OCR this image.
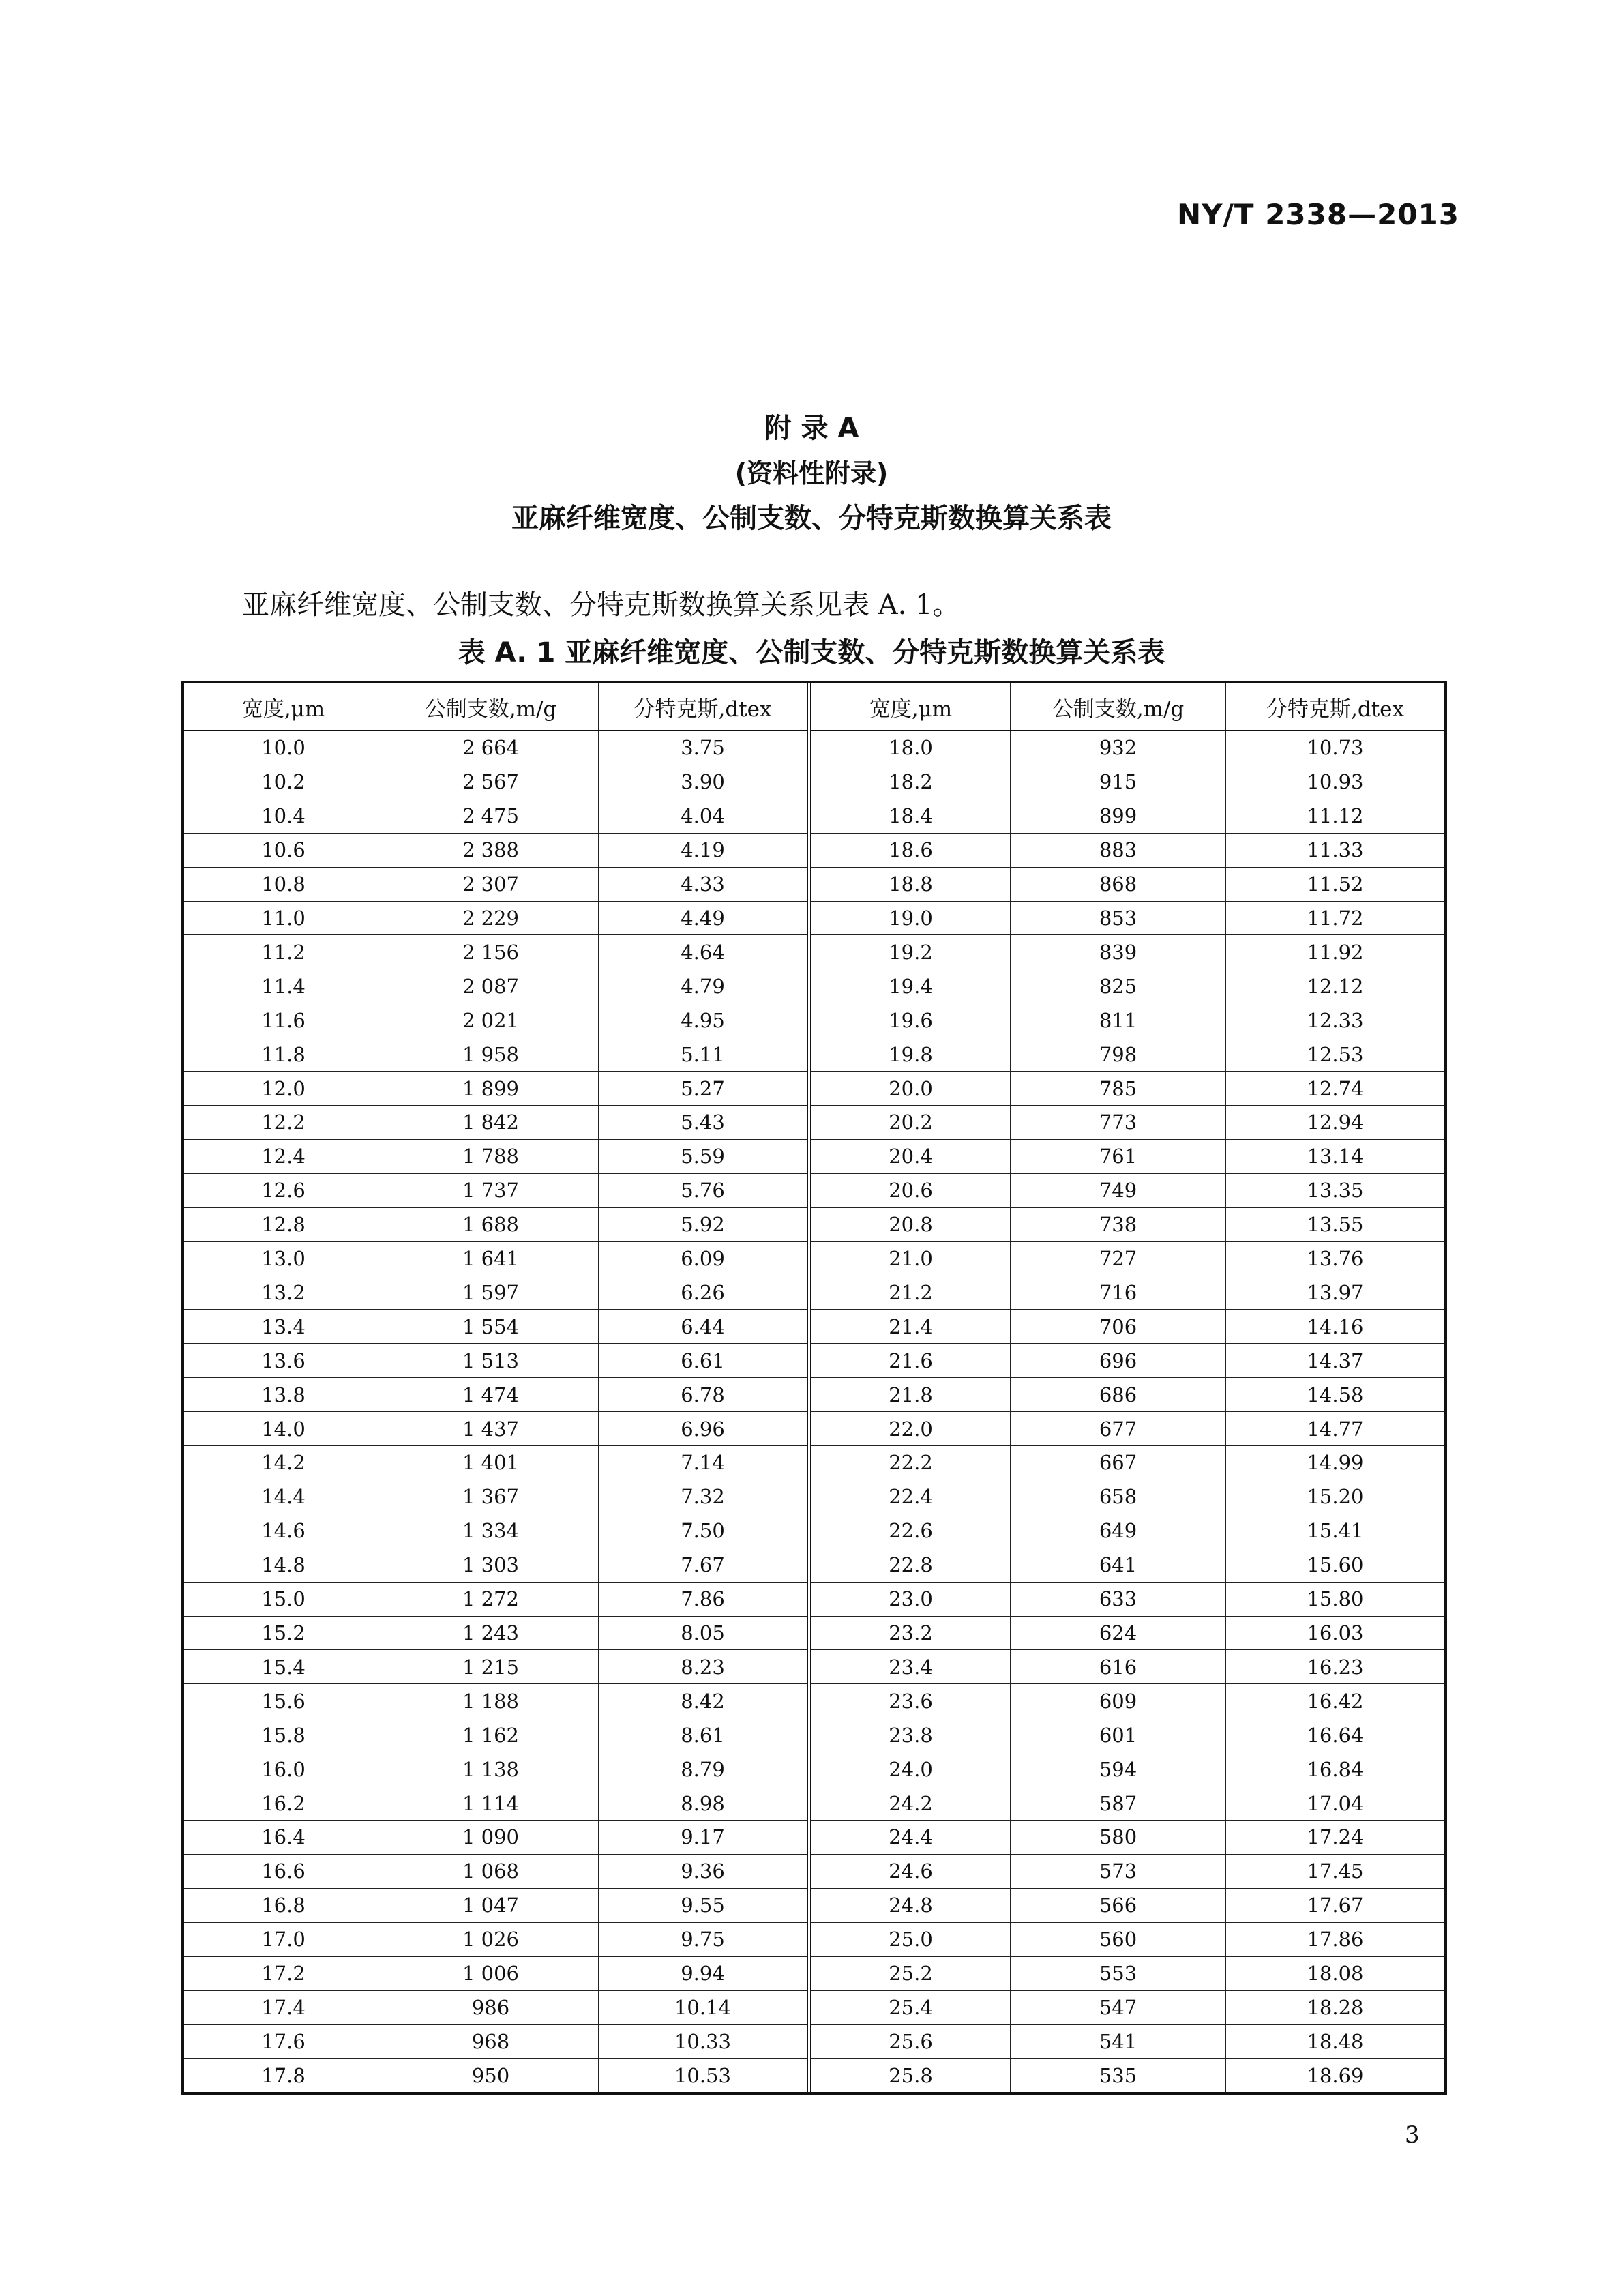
NY/T 2338—2013
附 录 A
(资料性附录)
亚麻纤维宽度、公制支数、分特克斯数换算关系表
亚麻纤维宽度、公制支数、分特克斯数换算关系见表 A. 1。
表 A. 1 亚麻纤维宽度、公制支数、分特克斯数换算关系表
宽度,μm	公制支数,m/g	分特克斯,dtex
10.0	2 664	3.75
10.2	2 567	3.90
10.4	2 475	4.04
10.6	2 388	4.19
10.8	2 307	4.33
11.0	2 229	4.49
11.2	2 156	4.64
11.4	2 087	4.79
11.6	2 021	4.95
11.8	1 958	5.11
12.0	1 899	5.27
12.2	1 842	5.43
12.4	1 788	5.59
12.6	1 737	5.76
12.8	1 688	5.92
13.0	1 641	6.09
13.2	1 597	6.26
13.4	1 554	6.44
13.6	1 513	6.61
13.8	1 474	6.78
14.0	1 437	6.96
14.2	1 401	7.14
14.4	1 367	7.32
14.6	1 334	7.50
14.8	1 303	7.67
15.0	1 272	7.86
15.2	1 243	8.05
15.4	1 215	8.23
15.6	1 188	8.42
15.8	1 162	8.61
16.0	1 138	8.79
16.2	1 114	8.98
16.4	1 090	9.17
16.6	1 068	9.36
16.8	1 047	9.55
17.0	1 026	9.75
17.2	1 006	9.94
17.4	986	10.14
17.6	968	10.33
17.8	950	10.53
宽度,μm	公制支数,m/g	分特克斯,dtex
18.0	932	10.73
18.2	915	10.93
18.4	899	11.12
18.6	883	11.33
18.8	868	11.52
19.0	853	11.72
19.2	839	11.92
19.4	825	12.12
19.6	811	12.33
19.8	798	12.53
20.0	785	12.74
20.2	773	12.94
20.4	761	13.14
20.6	749	13.35
20.8	738	13.55
21.0	727	13.76
21.2	716	13.97
21.4	706	14.16
21.6	696	14.37
21.8	686	14.58
22.0	677	14.77
22.2	667	14.99
22.4	658	15.20
22.6	649	15.41
22.8	641	15.60
23.0	633	15.80
23.2	624	16.03
23.4	616	16.23
23.6	609	16.42
23.8	601	16.64
24.0	594	16.84
24.2	587	17.04
24.4	580	17.24
24.6	573	17.45
24.8	566	17.67
25.0	560	17.86
25.2	553	18.08
25.4	547	18.28
25.6	541	18.48
25.8	535	18.69
3
